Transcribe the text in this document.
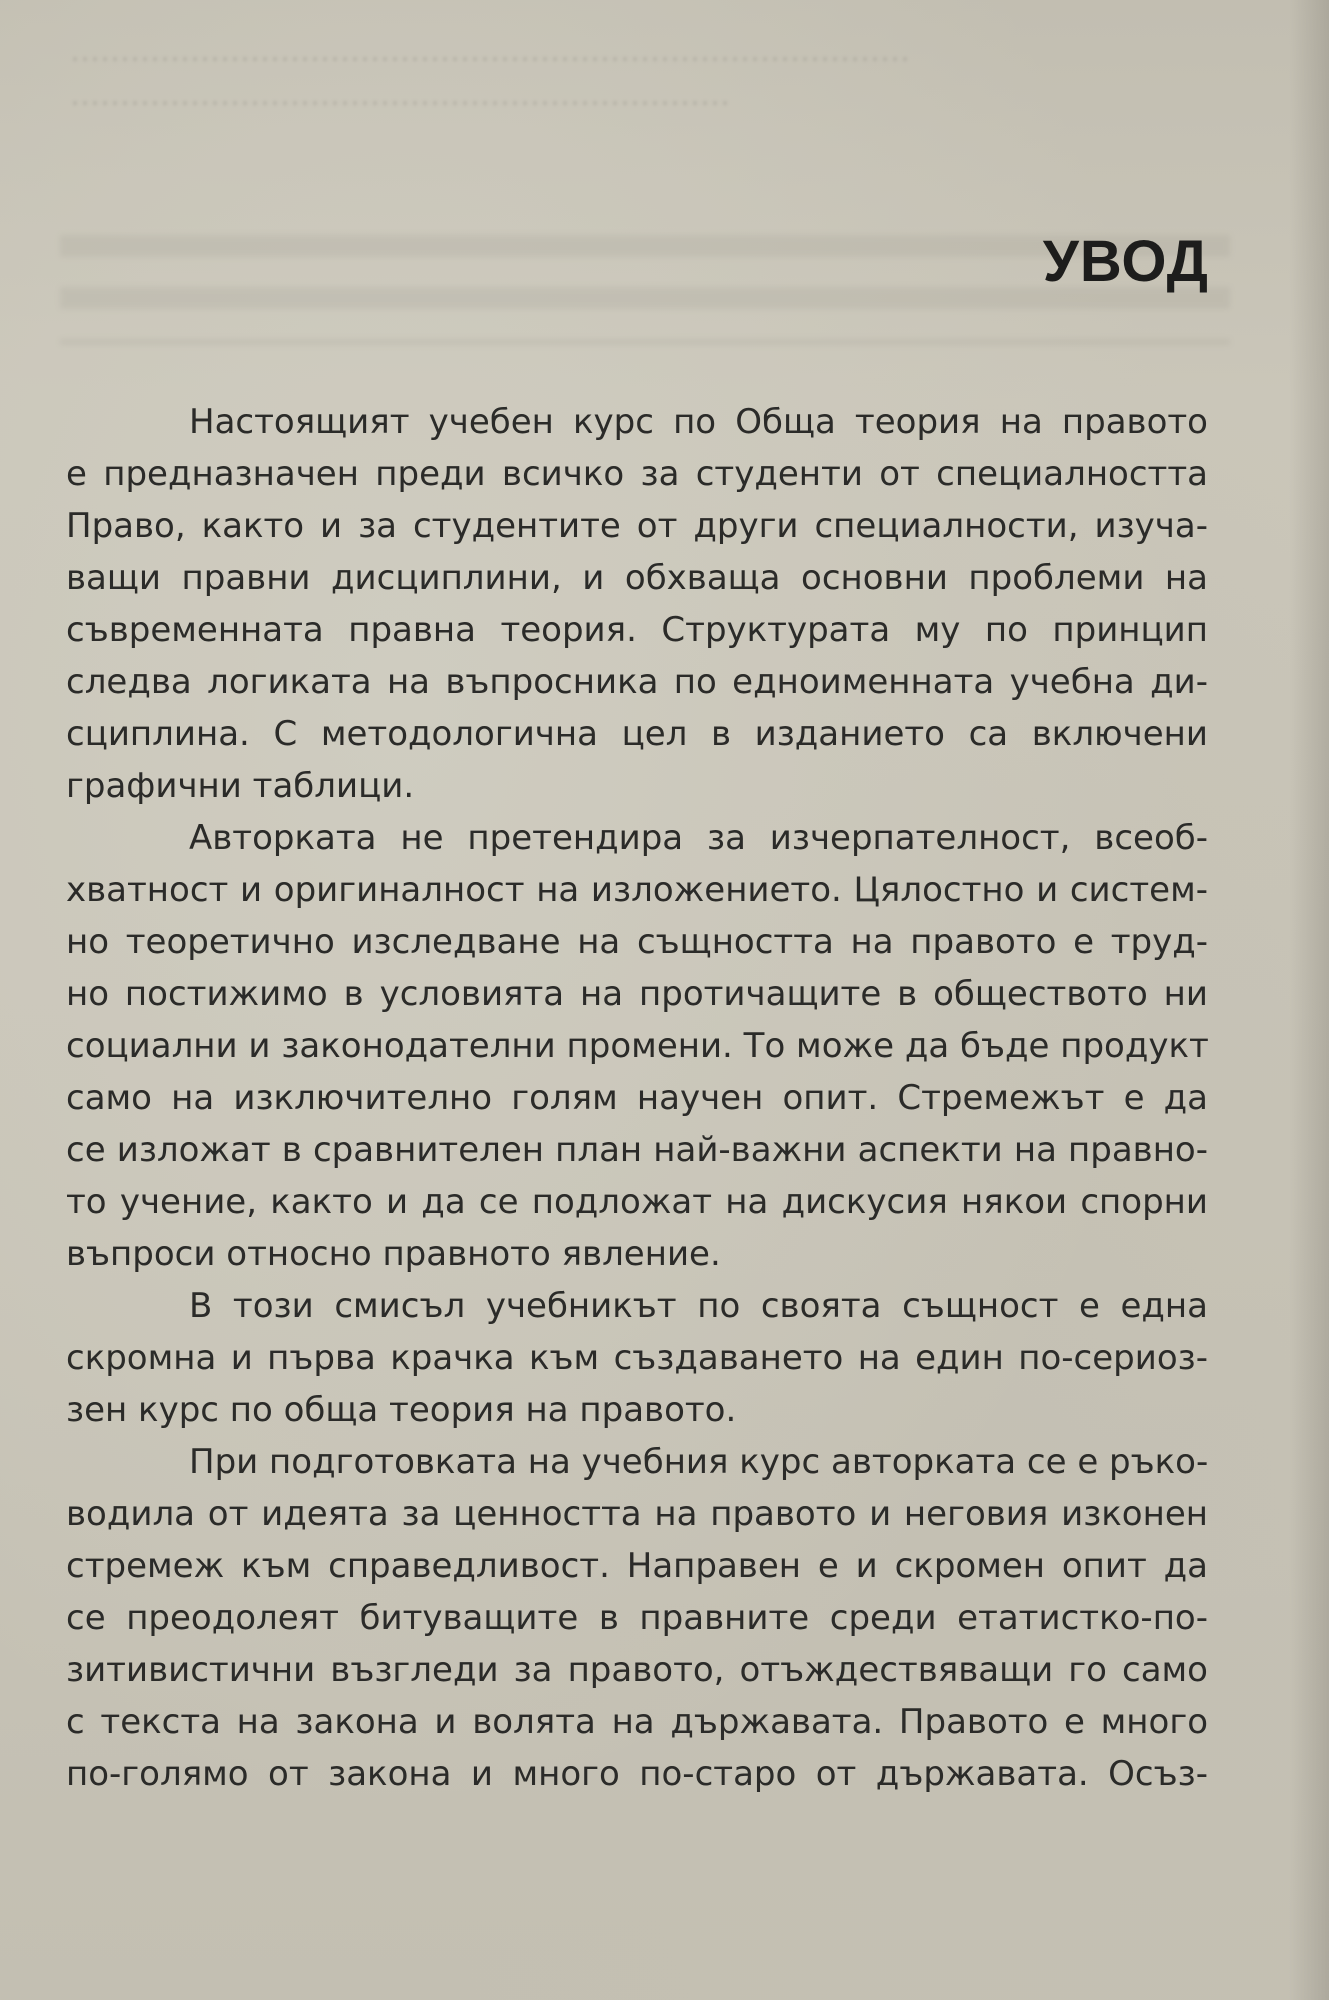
…………………………………………………………………………
…………………………………………………………
УВОД
Настоящият учебен курс по Обща теория на правото
е предназначен преди всичко за студенти от специалността
Право, както и за студентите от други специалности, изуча-
ващи правни дисциплини, и обхваща основни проблеми на
съвременната правна теория. Структурата му по принцип
следва логиката на въпросника по едноименната учебна ди-
сциплина. С методологична цел в изданието са включени
графични таблици.
Авторката не претендира за изчерпателност, всеоб-
хватност и оригиналност на изложението. Цялостно и систем-
но теоретично изследване на същността на правото е труд-
но постижимо в условията на протичащите в обществото ни
социални и законодателни промени. То може да бъде продукт
само на изключително голям научен опит. Стремежът е да
се изложат в сравнителен план най-важни аспекти на правно-
то учение, както и да се подложат на дискусия някои спорни
въпроси относно правното явление.
В този смисъл учебникът по своята същност е една
скромна и първа крачка към създаването на един по-сериоз-
зен курс по обща теория на правото.
При подготовката на учебния курс авторката се е ръко-
водила от идеята за ценността на правото и неговия изконен
стремеж към справедливост. Направен е и скромен опит да
се преодолеят битуващите в правните среди етатистко-по-
зитивистични възгледи за правото, отъждествяващи го само
с текста на закона и волята на държавата. Правото е много
по-голямо от закона и много по-старо от държавата. Осъз-
